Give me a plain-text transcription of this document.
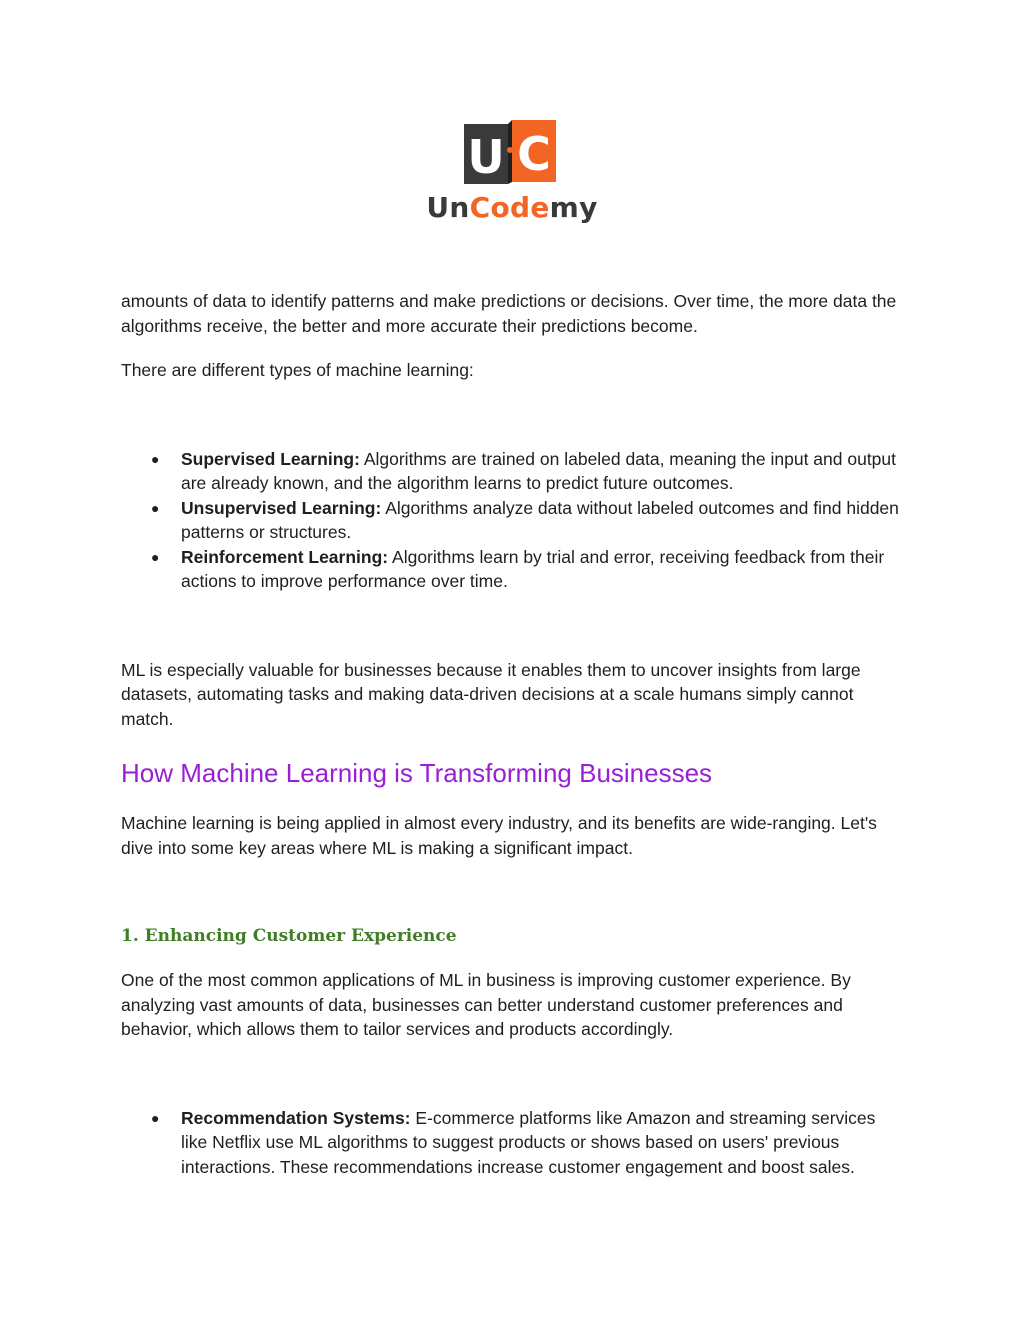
U C
UnCodemy

amounts of data to identify patterns and make predictions or decisions. Over time, the more data the algorithms receive, the better and more accurate their predictions become.

There are different types of machine learning:

● Supervised Learning: Algorithms are trained on labeled data, meaning the input and output are already known, and the algorithm learns to predict future outcomes.
● Unsupervised Learning: Algorithms analyze data without labeled outcomes and find hidden patterns or structures.
● Reinforcement Learning: Algorithms learn by trial and error, receiving feedback from their actions to improve performance over time.

ML is especially valuable for businesses because it enables them to uncover insights from large datasets, automating tasks and making data-driven decisions at a scale humans simply cannot match.

How Machine Learning is Transforming Businesses

Machine learning is being applied in almost every industry, and its benefits are wide-ranging. Let's dive into some key areas where ML is making a significant impact.

1. Enhancing Customer Experience

One of the most common applications of ML in business is improving customer experience. By analyzing vast amounts of data, businesses can better understand customer preferences and behavior, which allows them to tailor services and products accordingly.

● Recommendation Systems: E-commerce platforms like Amazon and streaming services like Netflix use ML algorithms to suggest products or shows based on users' previous interactions. These recommendations increase customer engagement and boost sales.
